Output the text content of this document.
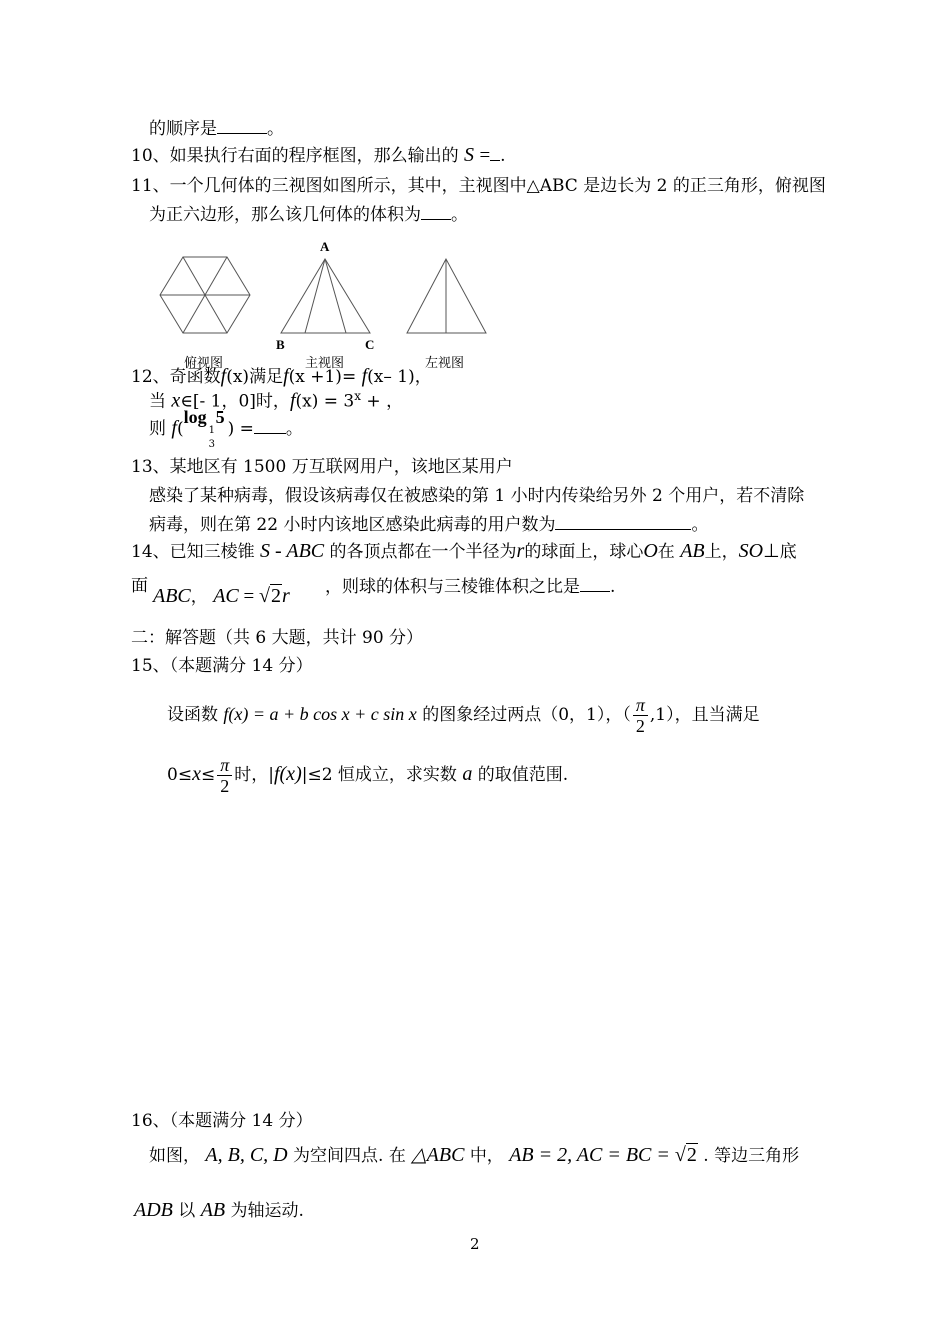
的顺序是	。
10、如果执行右面的程序框图，那么输出的 S = .
11、一个几何体的三视图如图所示，其中，主视图中△ABC 是边长为 2 的正三角形，俯视图
为正六边形，那么该几何体的体积为 。
俯视图
A
B	C
主视图	左视图
12、奇函数f(x)满足f(x +1)= f(x– 1)，
当 x∈[- 1，0]时，$f(x) = 3^x$ + ，
则 f(
log
1
3
5
) = 。
13、某地区有 1500 万互联网用户，该地区某用户
感染了某种病毒，假设该病毒仅在被感染的第 1 小时内传染给另外 2 个用户，若不清除
病毒，则在第 22 小时内该地区感染此病毒的用户数为	。
14、已知三棱锥 S - ABC 的各顶点都在一个半径为r的球面上，球心O在 AB上，SO⊥底
面 ABC， AC = √2r ，则球的体积与三棱锥体积之比是 .
二：解答题（共 6 大题，共计 90 分）
15、（本题满分 14 分）
设函数 f(x) = a + b cos x + c sin x 的图象经过两点（0，1），（ $\frac{\pi}{2} ,1$），且当满足
$0\le x\le \frac{\pi}{2}$ 时，|f(x)|≤2 恒成立，求实数 a 的取值范围.
16、（本题满分 14 分）
如图， A, B, C, D 为空间四点. 在 △ABC 中， AB = 2, AC = BC = √2 . 等边三角形
ADB 以 AB 为轴运动.
2
